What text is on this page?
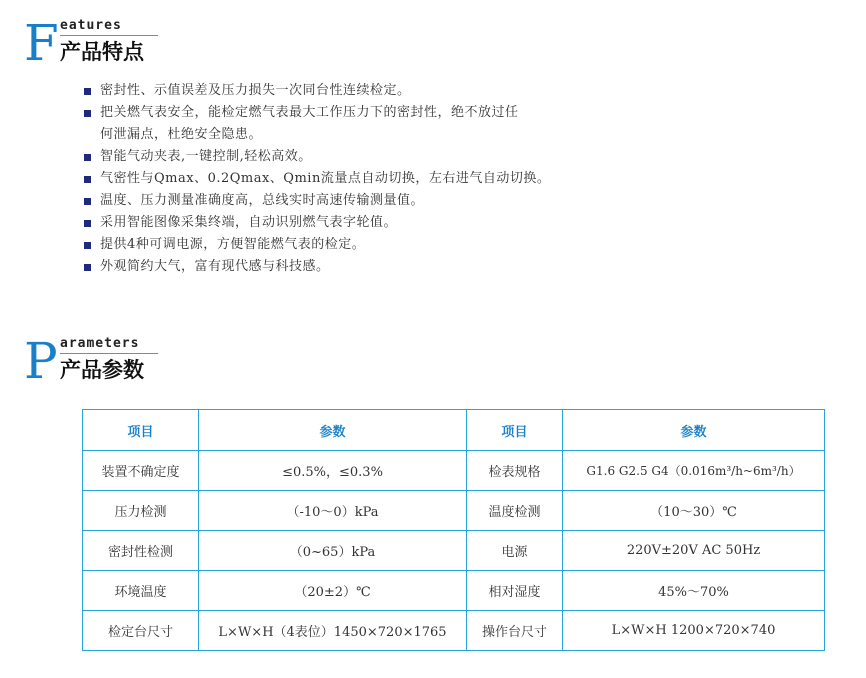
F eatures
产品特点
密封性、示值误差及压力损失一次同台性连续检定。
把关燃气表安全，能检定燃气表最大工作压力下的密封性，绝不放过任
何泄漏点，杜绝安全隐患。
智能气动夹表,一键控制,轻松高效。
气密性与Qmax、0.2Qmax、Qmin流量点自动切换，左右进气自动切换。
温度、压力测量准确度高，总线实时高速传输测量值。
采用智能图像采集终端，自动识别燃气表字轮值。
提供4种可调电源，方便智能燃气表的检定。
外观简约大气，富有现代感与科技感。
P arameters
产品参数
项目	参数	项目	参数
装置不确定度	≤0.5%，≤0.3%	检表规格	G1.6 G2.5 G4（0.016m³/h~6m³/h）
压力检测	（-10～0）kPa	温度检测	（10～30）℃
密封性检测	（0~65）kPa	电源	220V±20V AC 50Hz
环境温度	（20±2）℃	相对湿度	45%～70%
检定台尺寸	L×W×H（4表位）1450×720×1765	操作台尺寸	L×W×H 1200×720×740
